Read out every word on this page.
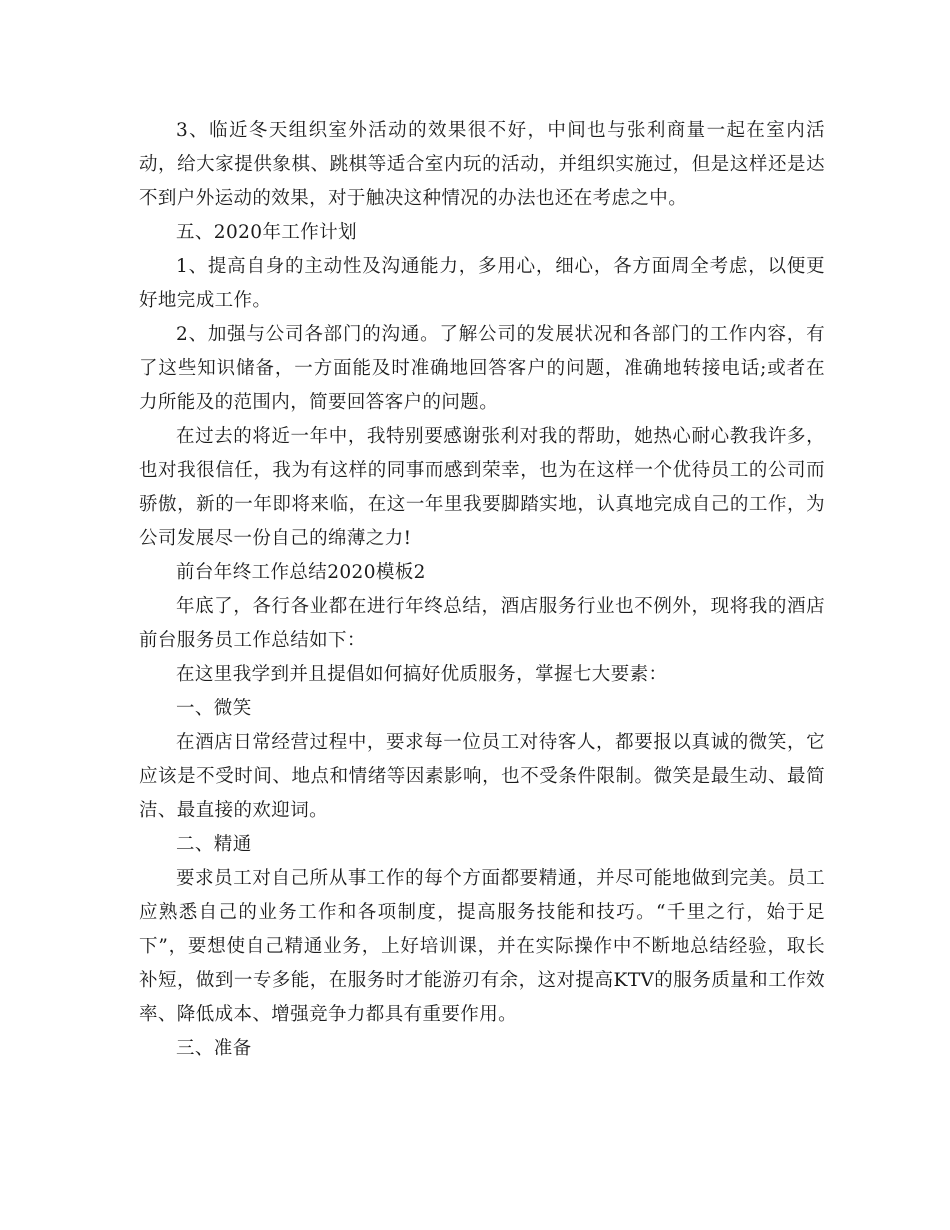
3、临近冬天组织室外活动的效果很不好，中间也与张利商量一起在室内活动，给大家提供象棋、跳棋等适合室内玩的活动，并组织实施过，但是这样还是达不到户外运动的效果，对于触决这种情况的办法也还在考虑之中。

五、2020年工作计划

1、提高自身的主动性及沟通能力，多用心，细心，各方面周全考虑，以便更好地完成工作。

2、加强与公司各部门的沟通。了解公司的发展状况和各部门的工作内容，有了这些知识储备，一方面能及时准确地回答客户的问题，准确地转接电话;或者在力所能及的范围内，简要回答客户的问题。

在过去的将近一年中，我特别要感谢张利对我的帮助，她热心耐心教我许多，也对我很信任，我为有这样的同事而感到荣幸，也为在这样一个优待员工的公司而骄傲，新的一年即将来临，在这一年里我要脚踏实地，认真地完成自己的工作，为公司发展尽一份自己的绵薄之力!

前台年终工作总结2020模板2

年底了，各行各业都在进行年终总结，酒店服务行业也不例外，现将我的酒店前台服务员工作总结如下：

在这里我学到并且提倡如何搞好优质服务，掌握七大要素：

一、微笑

在酒店日常经营过程中，要求每一位员工对待客人，都要报以真诚的微笑，它应该是不受时间、地点和情绪等因素影响，也不受条件限制。微笑是最生动、最简洁、最直接的欢迎词。

二、精通

要求员工对自己所从事工作的每个方面都要精通，并尽可能地做到完美。员工应熟悉自己的业务工作和各项制度，提高服务技能和技巧。“千里之行，始于足下”，要想使自己精通业务，上好培训课，并在实际操作中不断地总结经验，取长补短，做到一专多能，在服务时才能游刃有余，这对提高KTV的服务质量和工作效率、降低成本、增强竞争力都具有重要作用。

三、准备
